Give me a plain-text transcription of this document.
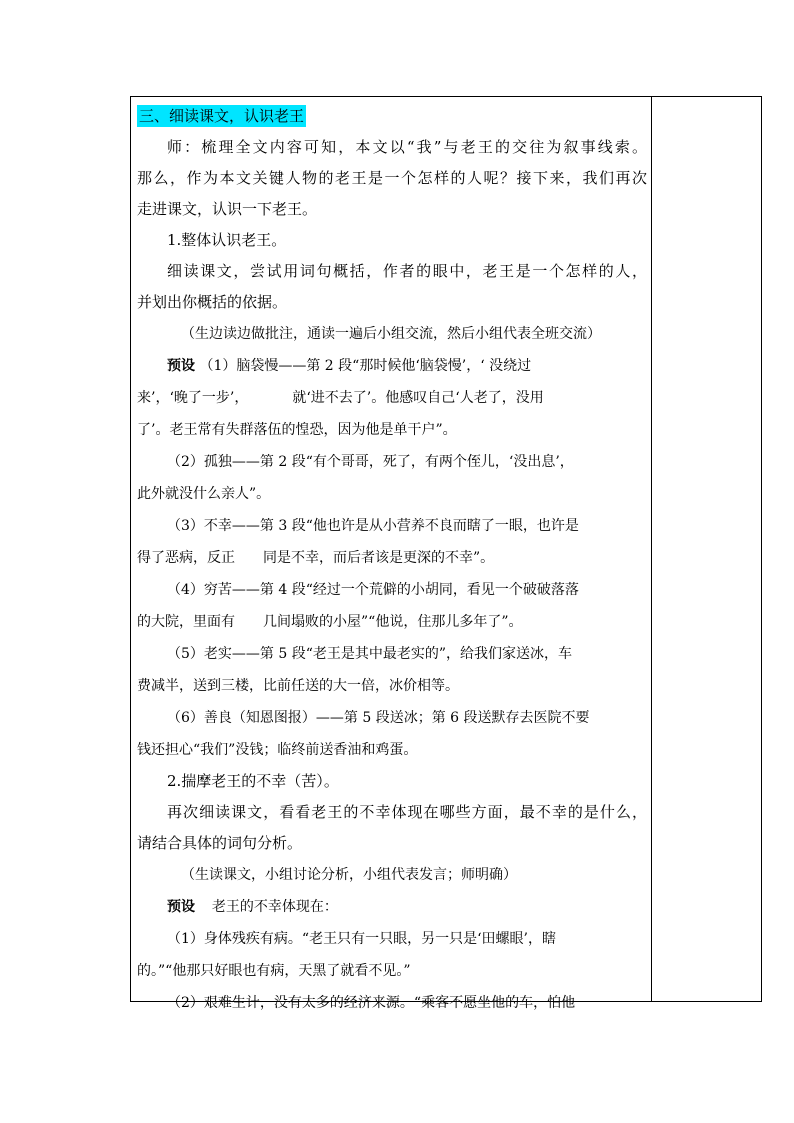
三、细读课文，认识老王
师：梳理全文内容可知，本文以“我”与老王的交往为叙事线索。
那么，作为本文关键人物的老王是一个怎样的人呢？接下来，我们再次
走进课文，认识一下老王。
1.整体认识老王。
细读课文，尝试用词句概括，作者的眼中，老王是一个怎样的人，
并划出你概括的依据。
（生边读边做批注，通读一遍后小组交流，然后小组代表全班交流）
预设 （1）脑袋慢——第 2 段“那时候他‘脑袋慢’，‘ 没绕过
来’，‘晚了一步’，	就‘进不去了’。他感叹自己‘人老了，没用
了’。老王常有失群落伍的惶恐，因为他是单干户”。
（2）孤独——第 2 段“有个哥哥，死了，有两个侄儿，‘没出息’，
此外就没什么亲人”。
（3）不幸——第 3 段“他也许是从小营养不良而瞎了一眼，也许是
得了恶病，反正 同是不幸，而后者该是更深的不幸”。
（4）穷苦——第 4 段“经过一个荒僻的小胡同，看见一个破破落落
的大院，里面有 几间塌败的小屋”“他说，住那儿多年了”。
（5）老实——第 5 段“老王是其中最老实的”，给我们家送冰，车
费减半，送到三楼，比前任送的大一倍，冰价相等。
（6）善良（知恩图报）——第 5 段送冰；第 6 段送默存去医院不要
钱还担心“我们”没钱；临终前送香油和鸡蛋。
2.揣摩老王的不幸（苦）。
再次细读课文，看看老王的不幸体现在哪些方面，最不幸的是什么，
请结合具体的词句分析。
（生读课文，小组讨论分析，小组代表发言；师明确）
预设 老王的不幸体现在：
（1）身体残疾有病。“老王只有一只眼，另一只是‘田螺眼’，瞎
的。”“他那只好眼也有病，天黑了就看不见。”
（2）艰难生计，没有太多的经济来源。“乘客不愿坐他的车，怕他
